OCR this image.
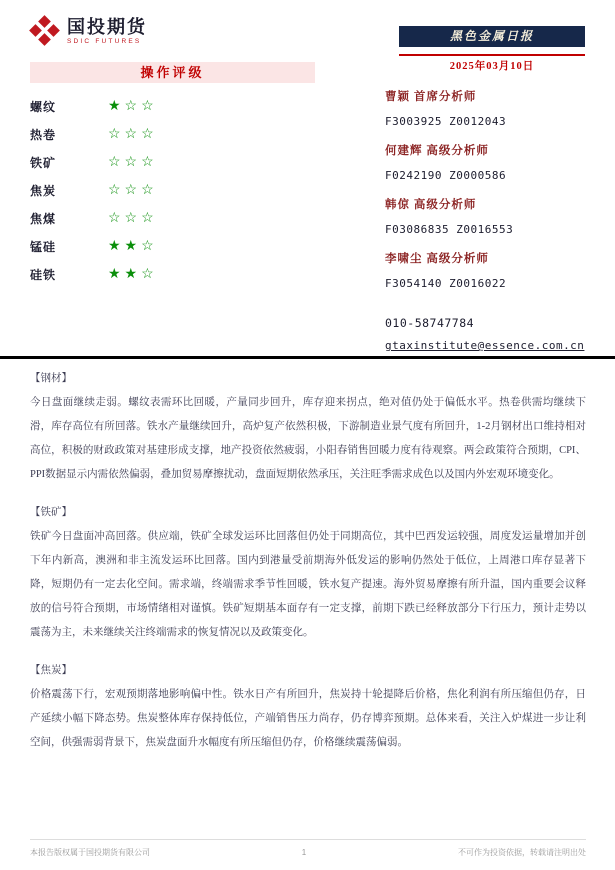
国投期货
SDIC FUTURES	黑色金属日报
2025年03月10日
操作评级
螺纹	★☆☆
热卷	☆☆☆
铁矿	☆☆☆
焦炭	☆☆☆
焦煤	☆☆☆
锰硅	★★☆
硅铁	★★☆
曹颖 首席分析师
F3003925 Z0012043
何建辉 高级分析师
F0242190 Z0000586
韩倞 高级分析师
F03086835 Z0016553
李啸尘 高级分析师
F3054140 Z0016022
010-58747784
gtaxinstitute@essence.com.cn
【钢材】

今日盘面继续走弱。螺纹表需环比回暖，产量同步回升，库存迎来拐点，绝对值仍处于偏低水平。热卷供需均继续下滑，库存高位有所回落。铁水产量继续回升，高炉复产依然积极，下游制造业景气度有所回升，1-2月钢材出口维持相对高位，积极的财政政策对基建形成支撑，地产投资依然疲弱，小阳春销售回暖力度有待观察。两会政策符合预期，CPI、PPI数据显示内需依然偏弱，叠加贸易摩擦扰动，盘面短期依然承压，关注旺季需求成色以及国内外宏观环境变化。

【铁矿】

铁矿今日盘面冲高回落。供应端，铁矿全球发运环比回落但仍处于同期高位，其中巴西发运较强，周度发运量增加并创下年内新高，澳洲和非主流发运环比回落。国内到港量受前期海外低发运的影响仍然处于低位，上周港口库存显著下降，短期仍有一定去化空间。需求端，终端需求季节性回暖，铁水复产提速。海外贸易摩擦有所升温，国内重要会议释放的信号符合预期，市场情绪相对谨慎。铁矿短期基本面存有一定支撑，前期下跌已经释放部分下行压力，预计走势以震荡为主，未来继续关注终端需求的恢复情况以及政策变化。

【焦炭】

价格震荡下行，宏观预期落地影响偏中性。铁水日产有所回升，焦炭持十轮提降后价格，焦化利润有所压缩但仍存，日产延续小幅下降态势。焦炭整体库存保持低位，产端销售压力尚存，仍存博弈预期。总体来看，关注入炉煤进一步让利空间，供强需弱背景下，焦炭盘面升水幅度有所压缩但仍存，价格继续震荡偏弱。

本报告版权属于国投期货有限公司	1	不可作为投资依据，转载请注明出处
